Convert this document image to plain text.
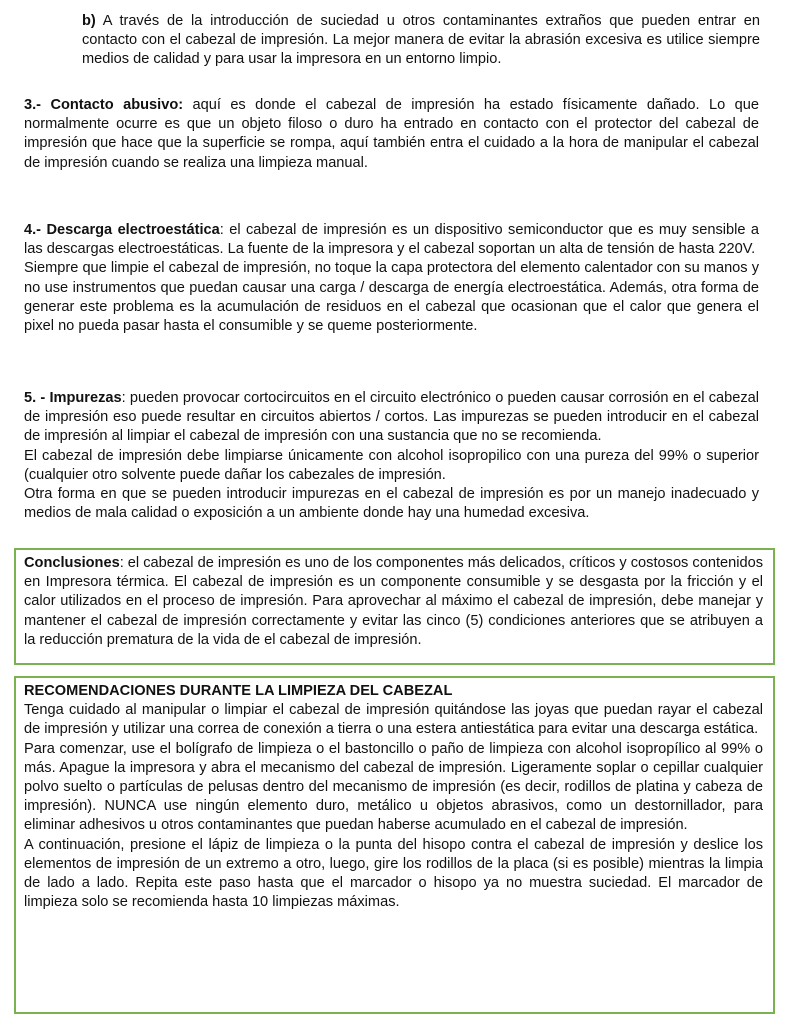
b) A través de la introducción de suciedad u otros contaminantes extraños que pueden entrar en contacto con el cabezal de impresión. La mejor manera de evitar la abrasión excesiva es utilice siempre medios de calidad y para usar la impresora en un entorno limpio.

3.- Contacto abusivo: aquí es donde el cabezal de impresión ha estado físicamente dañado. Lo que normalmente ocurre es que un objeto filoso o duro ha entrado en contacto con el protector del cabezal de impresión que hace que la superficie se rompa, aquí también entra el cuidado a la hora de manipular el cabezal de impresión cuando se realiza una limpieza manual.

4.- Descarga electroestática: el cabezal de impresión es un dispositivo semiconductor que es muy sensible a las descargas electroestáticas. La fuente de la impresora y el cabezal soportan un alta de tensión de hasta 220V.
Siempre que limpie el cabezal de impresión, no toque la capa protectora del elemento calentador con su manos y no use instrumentos que puedan causar una carga / descarga de energía electroestática. Además, otra forma de generar este problema es la acumulación de residuos en el cabezal que ocasionan que el calor que genera el pixel no pueda pasar hasta el consumible y se queme posteriormente.
5. - Impurezas: pueden provocar cortocircuitos en el circuito electrónico o pueden causar corrosión en el cabezal de impresión eso puede resultar en circuitos abiertos / cortos. Las impurezas se pueden introducir en el cabezal de impresión al limpiar el cabezal de impresión con una sustancia que no se recomienda.
El cabezal de impresión debe limpiarse únicamente con alcohol isopropilico con una pureza del 99% o superior (cualquier otro solvente puede dañar los cabezales de impresión.
Otra forma en que se pueden introducir impurezas en el cabezal de impresión es por un manejo inadecuado y medios de mala calidad o exposición a un ambiente donde hay una humedad excesiva.

Conclusiones: el cabezal de impresión es uno de los componentes más delicados, críticos y costosos contenidos en Impresora térmica. El cabezal de impresión es un componente consumible y se desgasta por la fricción y el calor utilizados en el proceso de impresión. Para aprovechar al máximo el cabezal de impresión, debe manejar y mantener el cabezal de impresión correctamente y evitar las cinco (5) condiciones anteriores que se atribuyen a la reducción prematura de la vida de el cabezal de impresión.

RECOMENDACIONES DURANTE LA LIMPIEZA DEL CABEZAL
Tenga cuidado al manipular o limpiar el cabezal de impresión quitándose las joyas que puedan rayar el cabezal de impresión y utilizar una correa de conexión a tierra o una estera antiestática para evitar una descarga estática.
Para comenzar, use el bolígrafo de limpieza o el bastoncillo o paño de limpieza con alcohol isopropílico al 99% o más. Apague la impresora y abra el mecanismo del cabezal de impresión. Ligeramente soplar o cepillar cualquier polvo suelto o partículas de pelusas dentro del mecanismo de impresión (es decir, rodillos de platina y cabeza de impresión). NUNCA use ningún elemento duro, metálico u objetos abrasivos, como un destornillador, para eliminar adhesivos u otros contaminantes que puedan haberse acumulado en el cabezal de impresión.
A continuación, presione el lápiz de limpieza o la punta del hisopo contra el cabezal de impresión y deslice los elementos de impresión de un extremo a otro, luego, gire los rodillos de la placa (si es posible) mientras la limpia de lado a lado. Repita este paso hasta que el marcador o hisopo ya no muestra suciedad. El marcador de limpieza solo se recomienda hasta 10 limpiezas máximas.
